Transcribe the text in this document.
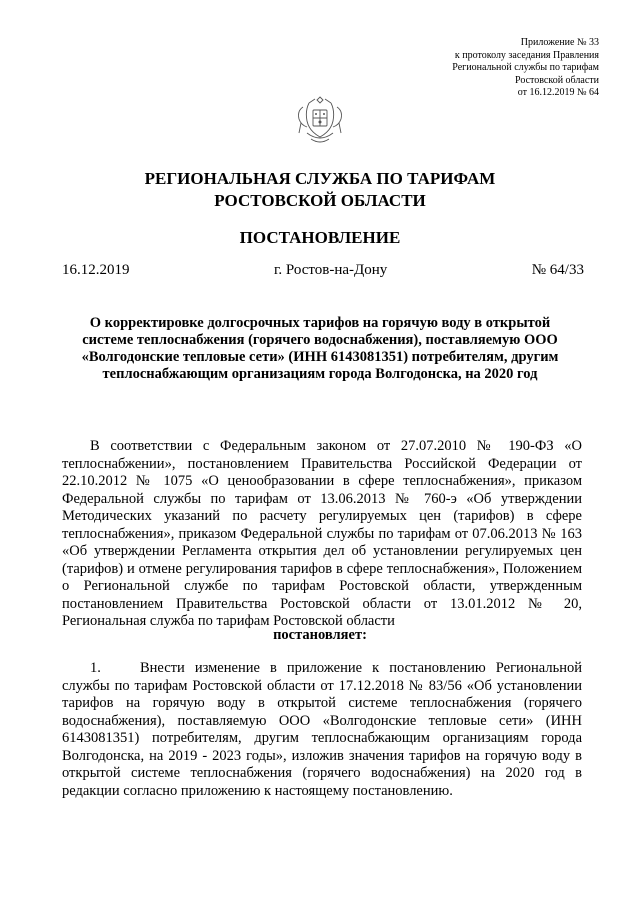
Приложение № 33
к протоколу заседания Правления
Региональной службы по тарифам
Ростовской области
от 16.12.2019 № 64
РЕГИОНАЛЬНАЯ СЛУЖБА ПО ТАРИФАМ
РОСТОВСКОЙ ОБЛАСТИ
ПОСТАНОВЛЕНИЕ
16.12.2019	г. Ростов-на-Дону	№ 64/33
О корректировке долгосрочных тарифов на горячую воду в открытой системе теплоснабжения (горячего водоснабжения), поставляемую ООО «Волгодонские тепловые сети» (ИНН 6143081351) потребителям, другим теплоснабжающим организациям города Волгодонска, на 2020 год
В соответствии с Федеральным законом от 27.07.2010 № 190-ФЗ «О теплоснабжении», постановлением Правительства Российской Федерации от 22.10.2012 № 1075 «О ценообразовании в сфере теплоснабжения», приказом Федеральной службы по тарифам от 13.06.2013 № 760-э «Об утверждении Методических указаний по расчету регулируемых цен (тарифов) в сфере теплоснабжения», приказом Федеральной службы по тарифам от 07.06.2013 № 163 «Об утверждении Регламента открытия дел об установлении регулируемых цен (тарифов) и отмене регулирования тарифов в сфере теплоснабжения», Положением о Региональной службе по тарифам Ростовской области, утвержденным постановлением Правительства Ростовской области от 13.01.2012 № 20, Региональная служба по тарифам Ростовской области
постановляет:
1.	Внести изменение в приложение к постановлению Региональной службы по тарифам Ростовской области от 17.12.2018 № 83/56 «Об установлении тарифов на горячую воду в открытой системе теплоснабжения (горячего водоснабжения), поставляемую ООО «Волгодонские тепловые сети» (ИНН 6143081351) потребителям, другим теплоснабжающим организациям города Волгодонска, на 2019 - 2023 годы», изложив значения тарифов на горячую воду в открытой системе теплоснабжения (горячего водоснабжения) на 2020 год в редакции согласно приложению к настоящему постановлению.
